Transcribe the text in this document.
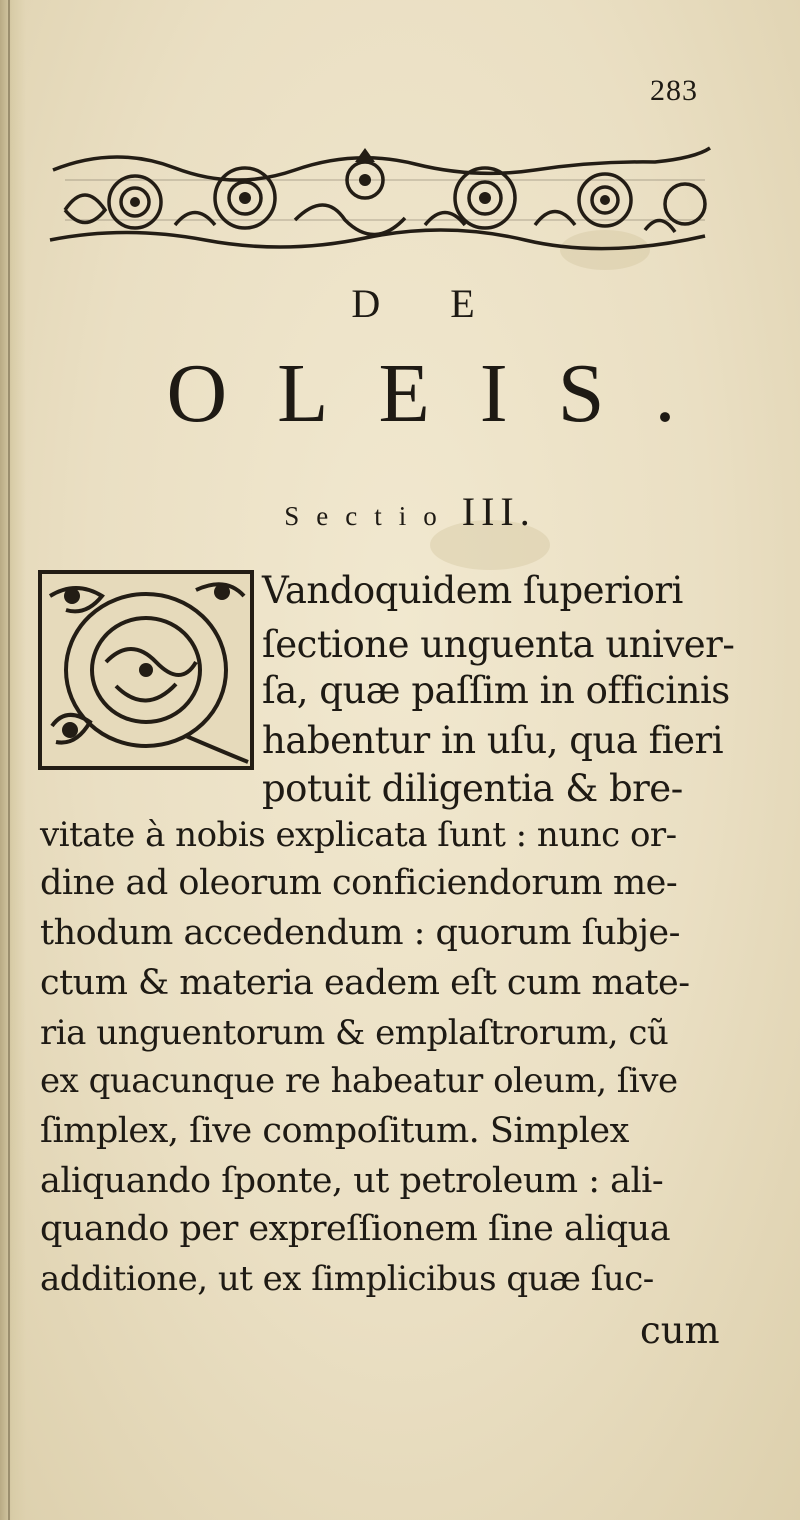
283
D E
OLEIS.
Sectio III.
Vandoquidem ſuperiori
ſectione unguenta univer-
ſa, quæ paſſim in officinis
habentur in uſu, qua fieri
potuit diligentia & bre-
vitate à nobis explicata ſunt : nunc or-
dine ad oleorum conficiendorum me-
thodum accedendum : quorum ſubje-
ctum & materia eadem eſt cum mate-
ria unguentorum & emplaſtrorum, cũ
ex quacunque re habeatur oleum, ſive
ſimplex, ſive compoſitum. Simplex
aliquando ſponte, ut petroleum : ali-
quando per expreſſionem ſine aliqua
additione, ut ex ſimplicibus quæ ſuc-
cum
